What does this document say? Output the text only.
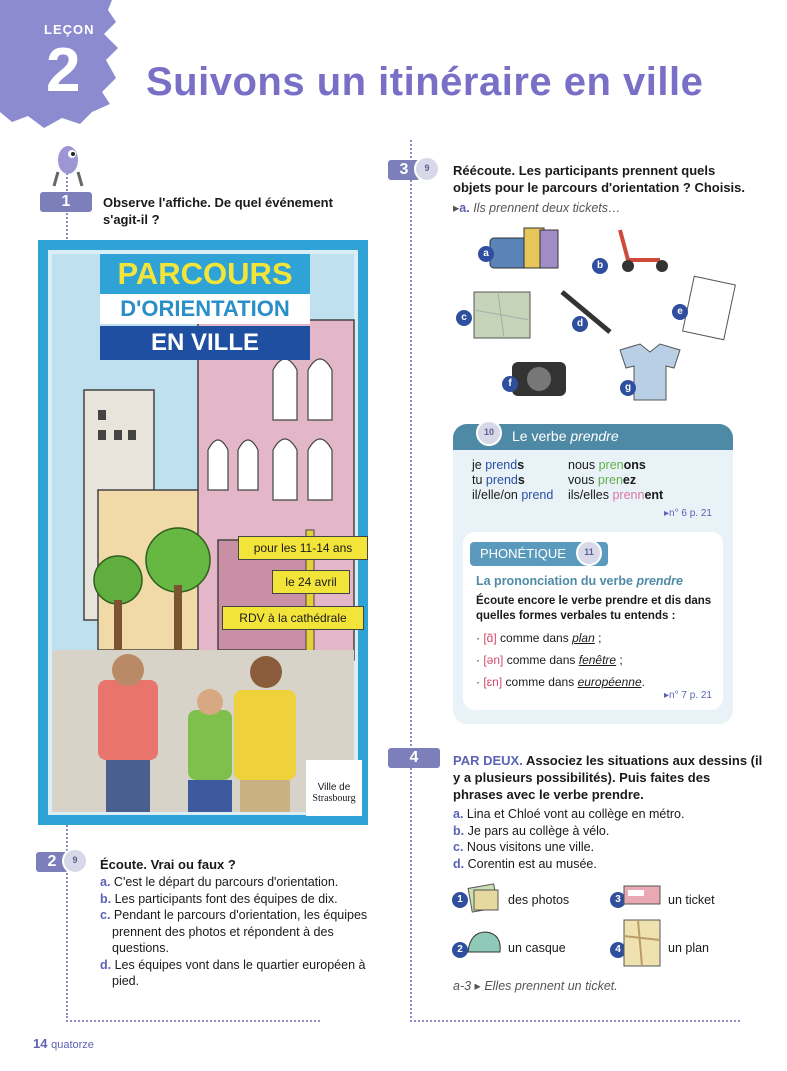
LEÇON
2 Suivons un itinéraire en ville
1	Observe l'affiche. De quel événement s'agit-il ?
PARCOURS
D'ORIENTATION
EN VILLE
pour les 11-14 ans
le 24 avril
RDV à la cathédrale
Ville de
Strasbourg
2	9	Écoute. Vrai ou faux ?
a. C'est le départ du parcours d'orientation.
b. Les participants font des équipes de dix.
c. Pendant le parcours d'orientation, les équipes prennent des photos et répondent à des questions.
d. Les équipes vont dans le quartier européen à pied.
3	9	Réécoute. Les participants prennent quels objets pour le parcours d'orientation ? Choisis.
▸a. Ils prennent deux tickets…
a
b
c
d
e
f	g
10	Le verbe prendre
je prends	nous prenons
tu prends	vous prenez
il/elle/on prend ils/elles prennent
▸n° 6 p. 21
PHONÉTIQUE	11
La prononciation du verbe prendre
Écoute encore le verbe prendre et dis dans quelles formes verbales tu entends :
· [ɑ̃] comme dans plan ;
· [ən] comme dans fenêtre ;
· [ɛn] comme dans européenne.
▸n° 7 p. 21
4	PAR DEUX. Associez les situations aux dessins (il y a plusieurs possibilités). Puis faites des phrases avec le verbe prendre.
a. Lina et Chloé vont au collège en métro.
b. Je pars au collège à vélo.
c. Nous visitons une ville.
d. Corentin est au musée.
1	des photos
2	un casque
3	un ticket
4	un plan
a-3 ▸ Elles prennent un ticket.
14 quatorze
